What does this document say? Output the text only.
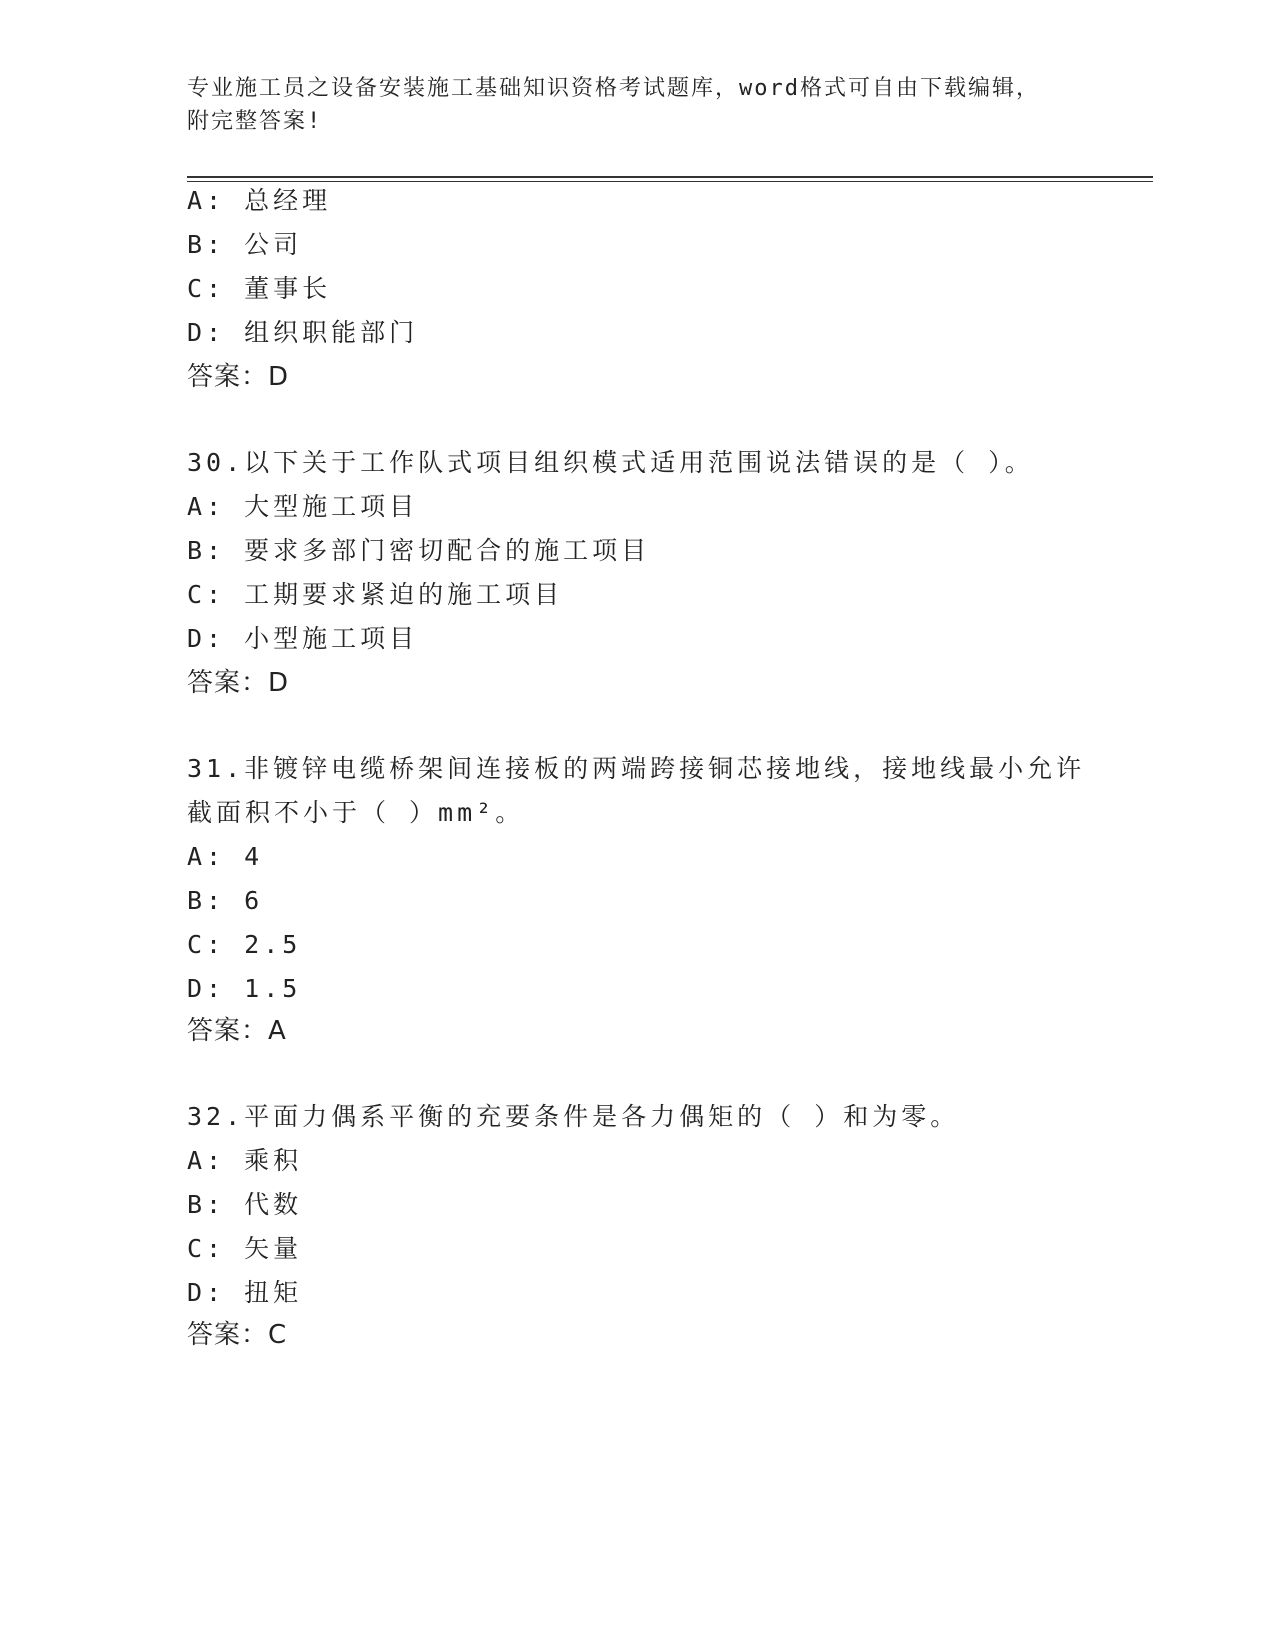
专业施工员之设备安装施工基础知识资格考试题库，word格式可自由下载编辑，
附完整答案!
A: 总经理
B: 公司
C: 董事长
D: 组织职能部门
答案：D
30.以下关于工作队式项目组织模式适用范围说法错误的是（ ）。
A: 大型施工项目
B: 要求多部门密切配合的施工项目
C: 工期要求紧迫的施工项目
D: 小型施工项目
答案：D
31.非镀锌电缆桥架间连接板的两端跨接铜芯接地线，接地线最小允许
截面积不小于（ ）mm²。
A: 4
B: 6
C: 2.5
D: 1.5
答案：A
32.平面力偶系平衡的充要条件是各力偶矩的（ ）和为零。
A: 乘积
B: 代数
C: 矢量
D: 扭矩
答案：C
